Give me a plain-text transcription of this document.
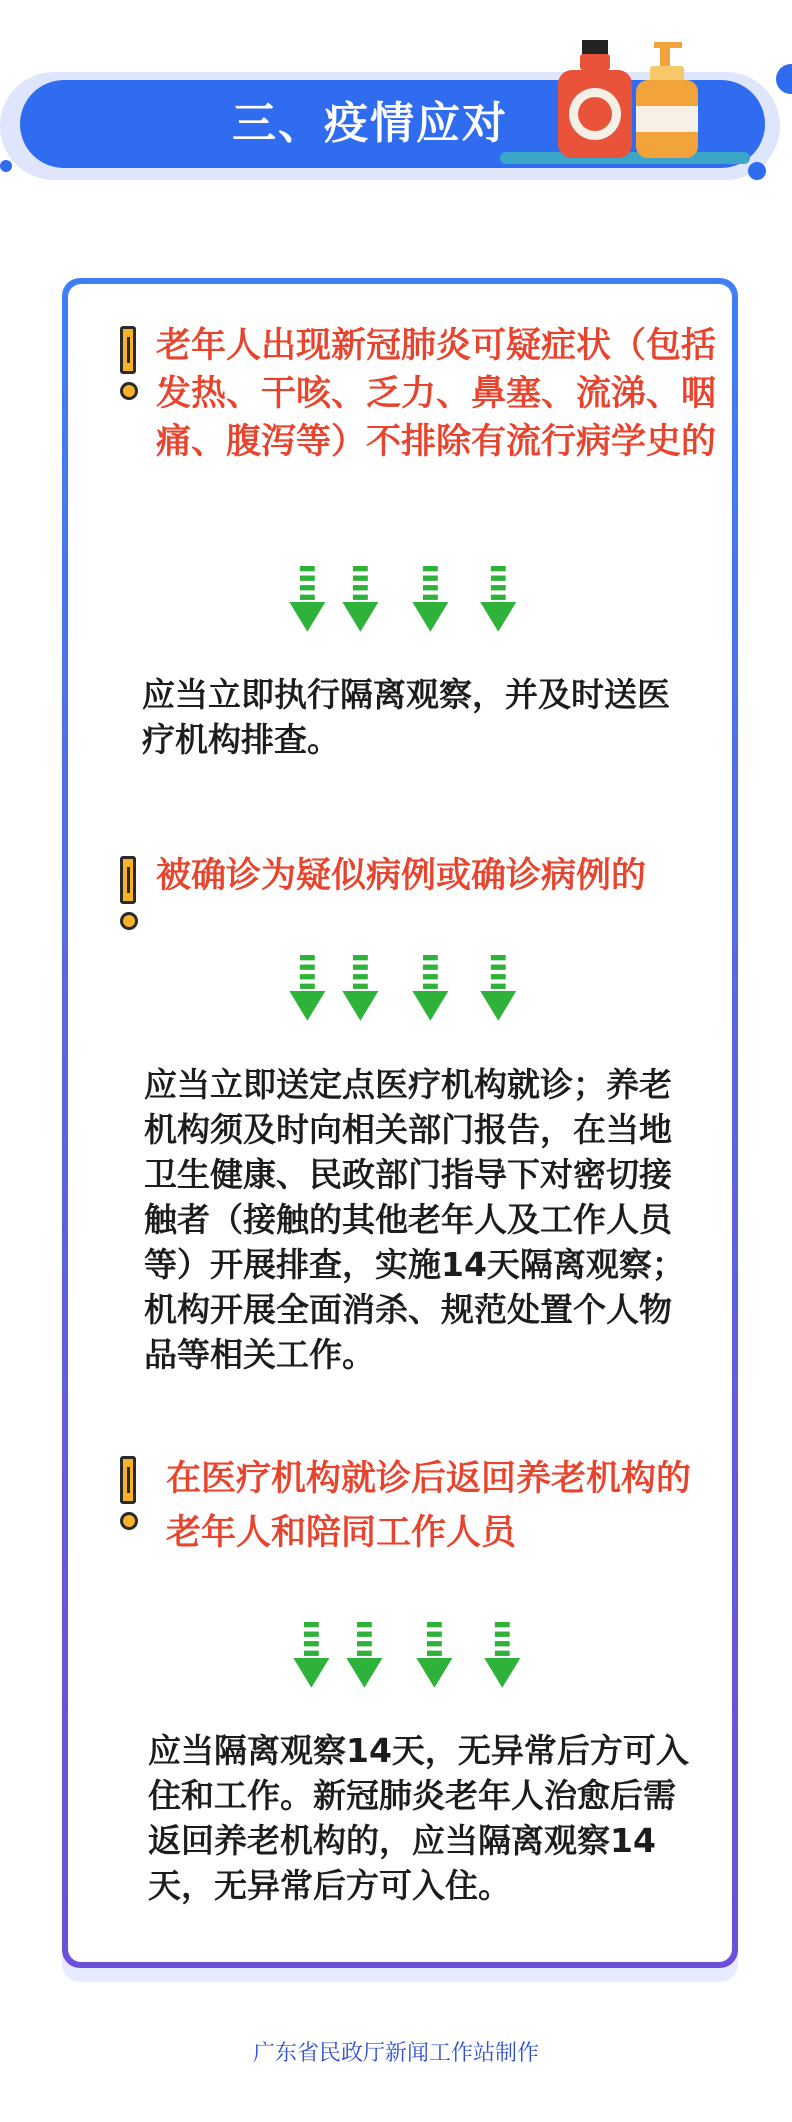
三、疫情应对

老年人出现新冠肺炎可疑症状（包括发热、干咳、乏力、鼻塞、流涕、咽痛、腹泻等）不排除有流行病学史的

应当立即执行隔离观察，并及时送医疗机构排查。

被确诊为疑似病例或确诊病例的

应当立即送定点医疗机构就诊；养老机构须及时向相关部门报告，在当地卫生健康、民政部门指导下对密切接触者（接触的其他老年人及工作人员等）开展排查，实施14天隔离观察；机构开展全面消杀、规范处置个人物品等相关工作。

在医疗机构就诊后返回养老机构的老年人和陪同工作人员

应当隔离观察14天，无异常后方可入住和工作。新冠肺炎老年人治愈后需返回养老机构的，应当隔离观察14天，无异常后方可入住。

广东省民政厅新闻工作站制作
